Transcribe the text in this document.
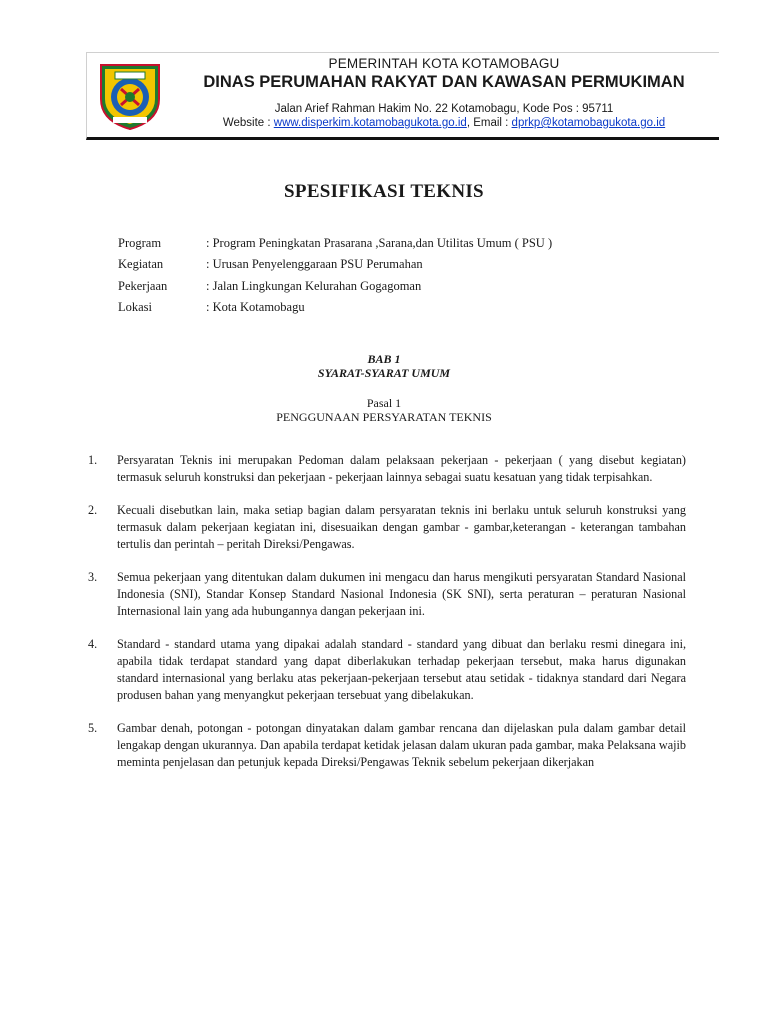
PEMERINTAH KOTA KOTAMOBAGU
DINAS PERUMAHAN RAKYAT DAN KAWASAN PERMUKIMAN
Jalan Arief Rahman Hakim No. 22 Kotamobagu, Kode Pos : 95711
Website : www.disperkim.kotamobagukota.go.id, Email : dprkp@kotamobagukota.go.id
SPESIFIKASI TEKNIS
Program	: Program Peningkatan Prasarana ,Sarana,dan Utilitas Umum ( PSU )
Kegiatan	: Urusan Penyelenggaraan PSU Perumahan
Pekerjaan	: Jalan Lingkungan Kelurahan Gogagoman
Lokasi	: Kota Kotamobagu
BAB 1
SYARAT-SYARAT UMUM
Pasal 1
PENGGUNAAN PERSYARATAN TEKNIS
1.	Persyaratan Teknis ini merupakan Pedoman dalam pelaksaan pekerjaan - pekerjaan ( yang disebut kegiatan) termasuk seluruh konstruksi dan pekerjaan - pekerjaan lainnya sebagai suatu kesatuan yang tidak terpisahkan.
2.	Kecuali disebutkan lain, maka setiap bagian dalam persyaratan teknis ini berlaku untuk seluruh konstruksi yang termasuk dalam pekerjaan kegiatan ini, disesuaikan dengan gambar - gambar,keterangan - keterangan tambahan tertulis dan perintah – peritah Direksi/Pengawas.
3.	Semua pekerjaan yang ditentukan dalam dukumen ini mengacu dan harus mengikuti persyaratan Standard Nasional Indonesia (SNI), Standar Konsep Standard Nasional Indonesia (SK SNI), serta peraturan – peraturan Nasional Internasional lain yang ada hubungannya dangan pekerjaan ini.
4.	Standard - standard utama yang dipakai adalah standard - standard yang dibuat dan berlaku resmi dinegara ini, apabila tidak terdapat standard yang dapat diberlakukan terhadap pekerjaan tersebut, maka harus digunakan standard internasional yang berlaku atas pekerjaan-pekerjaan tersebut atau setidak - tidaknya standard dari Negara produsen bahan yang menyangkut pekerjaan tersebuat yang dibelakukan.
5.	Gambar denah, potongan - potongan dinyatakan dalam gambar rencana dan dijelaskan pula dalam gambar detail lengakap dengan ukurannya. Dan apabila terdapat ketidak jelasan dalam ukuran pada gambar, maka Pelaksana wajib meminta penjelasan dan petunjuk kepada Direksi/Pengawas Teknik sebelum pekerjaan dikerjakan
